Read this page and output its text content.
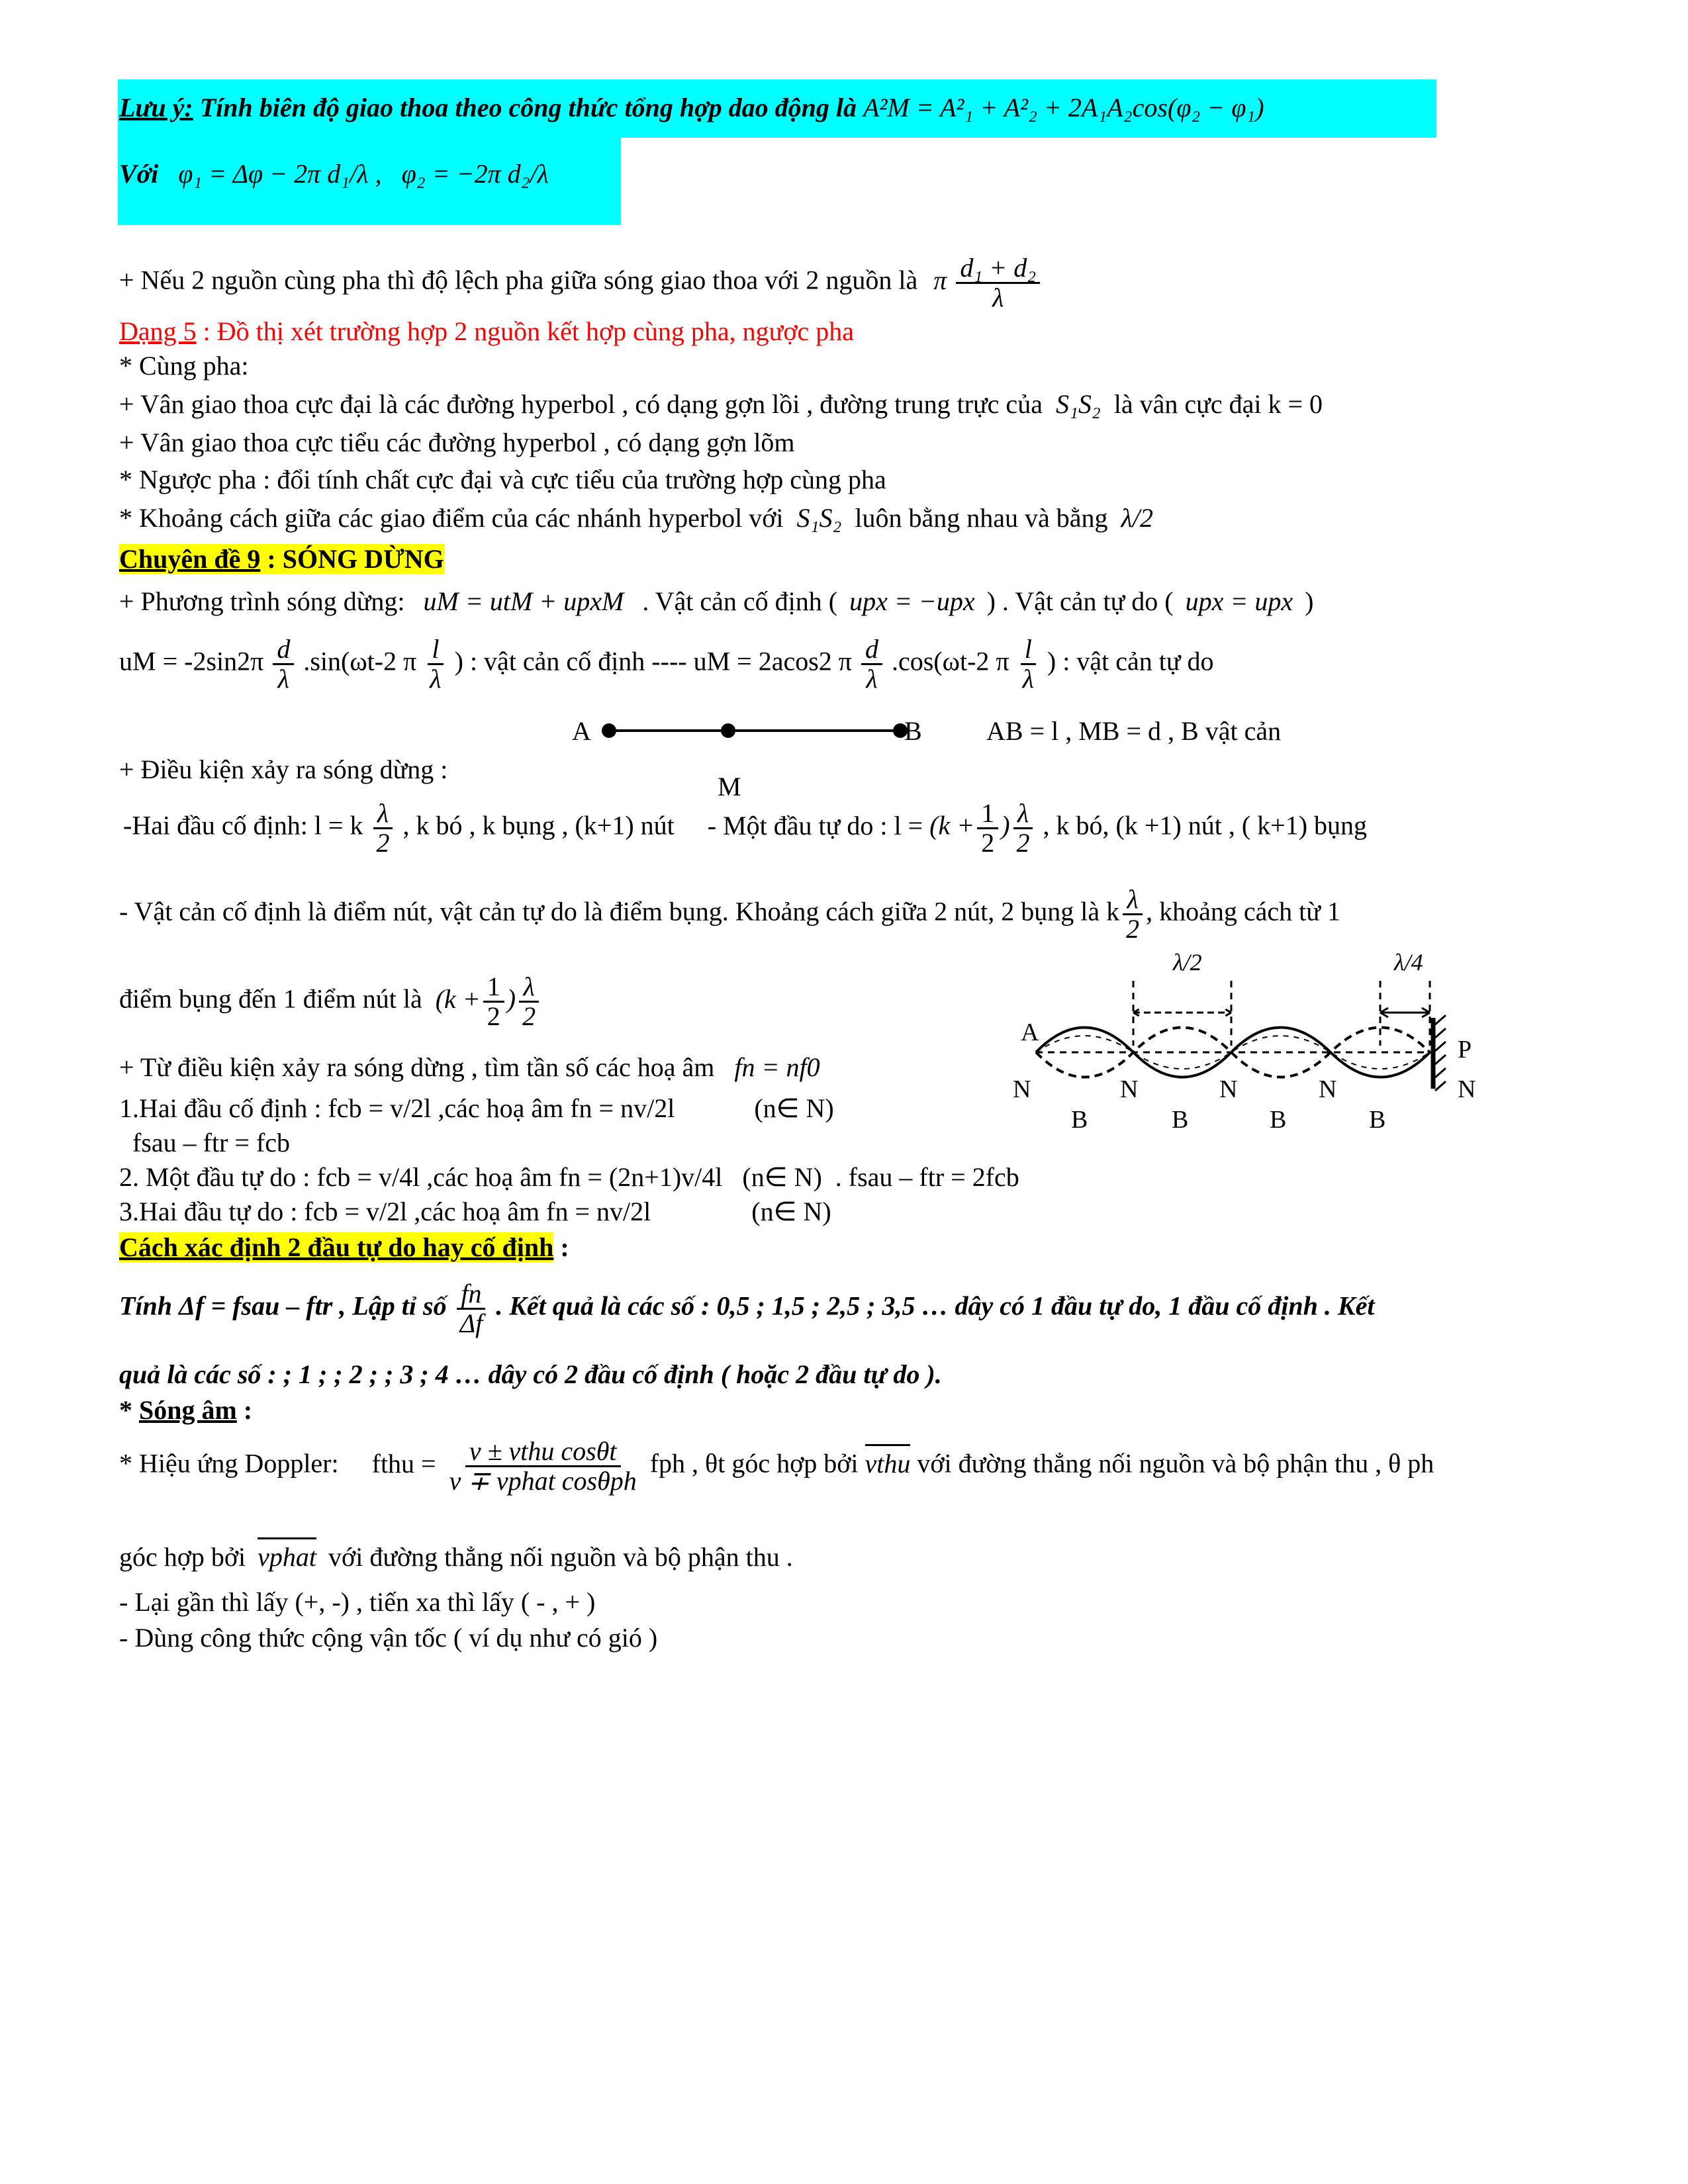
Lưu ý: Tính biên độ giao thoa theo công thức tổng hợp dao động là A²M = A²₁ + A²₂ + 2A₁A₂cos(φ₂ − φ₁)
Với φ₁ = Δφ − 2π d₁/λ , φ₂ = −2π d₂/λ
+ Nếu 2 nguồn cùng pha thì độ lệch pha giữa sóng giao thoa với 2 nguồn là π $\frac{\text{d₁ + d₂}}{\lambda}$
Dạng 5 : Đồ thị xét trường hợp 2 nguồn kết hợp cùng pha, ngược pha
* Cùng pha:
+ Vân giao thoa cực đại là các đường hyperbol , có dạng gợn lồi , đường trung trực của S₁S₂ là vân cực đại k = 0
+ Vân giao thoa cực tiểu các đường hyperbol , có dạng gợn lõm
* Ngược pha : đổi tính chất cực đại và cực tiểu của trường hợp cùng pha
* Khoảng cách giữa các giao điểm của các nhánh hyperbol với S₁S₂ luôn bằng nhau và bằng λ/2
Chuyên đề 9 : SÓNG DỪNG
+ Phương trình sóng dừng: uM = utM + upxM . Vật cản cố định ( upx = −upx ) . Vật cản tự do ( upx = upx )
uM = $-2\sin 2\pi \frac{d}{\lambda} .\sin(\omega t-2$ π $\frac{l}{\lambda}$ ) : vật cản cố định ---- uM = 2acos2 π $\frac{d}{\lambda} .\cos(\omega t-2$ π $\frac{l}{\lambda}$ ) : vật cản tự do
A	B
M
AB = l , MB = d , B vật cản
+ Điều kiện xảy ra sóng dừng :
-Hai đầu cố định: l = k $\frac{\lambda}{2}$ , k bó , k bụng , (k+1) nút - Một đầu tự do : $l = (k + \frac{1}{2}$ ) $\frac{\lambda}{2}$ , k bó, (k +1) nút , ( k+1) bụng
- Vật cản cố định là điểm nút, vật cản tự do là điểm bụng. Khoảng cách giữa 2 nút, 2 bụng là k $\frac{\lambda}{2}$ , khoảng cách từ 1
điểm bụng đến 1 điểm nút là ($k + \frac{1}{2}$ ) $\frac{\lambda}{2}$
+ Từ điều kiện xảy ra sóng dừng , tìm tần số các hoạ âm fn = nf0
1.Hai đầu cố định : fcb = v/2l ,các hoạ âm fn = nv/2l	(n∈ N)
fsau – ftr = fcb
2. Một đầu tự do : fcb = v/4l ,các hoạ âm fn = (2n+1)v/4l (n∈ N) . fsau – ftr = 2fcb
3.Hai đầu tự do : fcb = v/2l ,các hoạ âm fn = nv/2l	(n∈ N)
λ/2	λ/4
A
P
N	N	N	N	N
B	B	B	B
Cách xác định 2 đầu tự do hay cố định :
Tính Δf = fsau – ftr , Lập tỉ số $\frac{fn}{\Delta f}$ . Kết quả là các số : 0,5 ; 1,5 ; 2,5 ; 3,5 … dây có 1 đầu tự do, 1 đầu cố định . Kết
quả là các số : ; 1 ; ; 2 ; ; 3 ; 4 … dây có 2 đầu cố định ( hoặc 2 đầu tự do ).
* Sóng âm :
* Hiệu ứng Doppler: fthu = $\frac{\text{v ± vthu cosθt}}{\text{v ∓ vphat cosθph}}$ fph , θt góc hợp bởi vthu với đường thẳng nối nguồn và bộ phận thu , θ ph
góc hợp bởi vphat với đường thẳng nối nguồn và bộ phận thu .
- Lại gần thì lấy (+, -) , tiến xa thì lấy ( - , + )
- Dùng công thức cộng vận tốc ( ví dụ như có gió )
